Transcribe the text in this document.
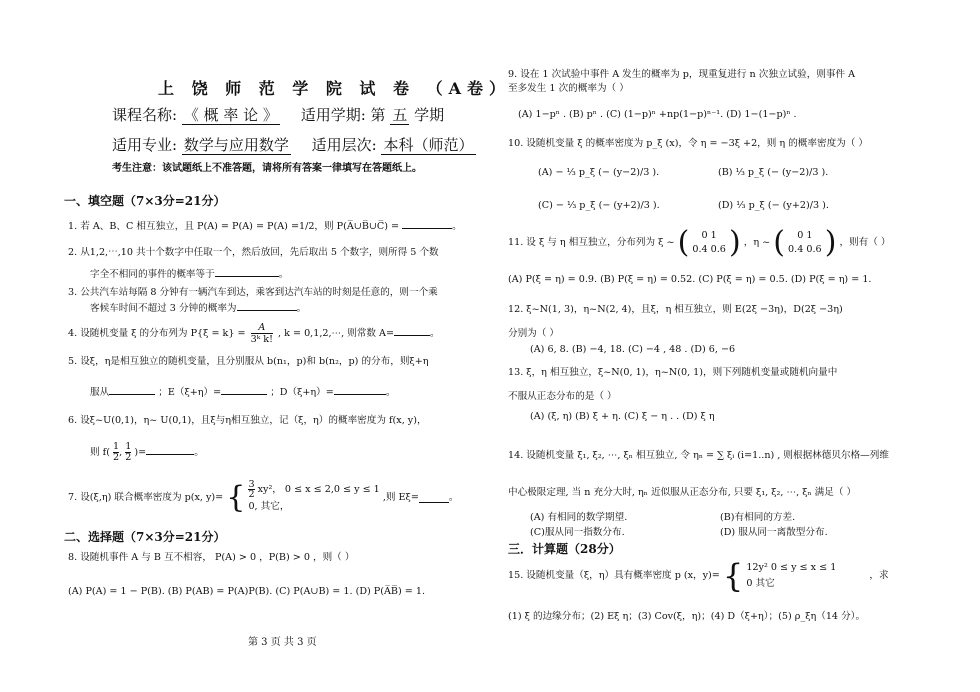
上 饶 师 范 学 院 试 卷 （A卷）
课程名称: 《 概 率 论 》 适用学期: 第 五 学期
适用专业: 数学与应用数学 适用层次: 本科（师范）
考生注意：该试题纸上不准答题，请将所有答案一律填写在答题纸上。
一、填空题（7×3分=21分）
1. 若 A、B、C 相互独立，且 P(A) = P(A) = P(A) =1/2，则 P(A̅∪B̅∪C̅) =	。
2. 从1,2,⋯,10 共十个数字中任取一个，然后放回，先后取出 5 个数字，则所得 5 个数
字全不相同的事件的概率等于	。
3. 公共汽车站每隔 8 分钟有一辆汽车到达，乘客到达汽车站的时刻是任意的，则一个乘
客候车时间不超过 3 分钟的概率为	。
4. 设随机变量 ξ 的分布列为 $P\{\xi = k\} = \frac{A}{\text{3ᵏ k!}}$ , k = 0,1,2,⋯, 则常数 A=	。
5. 设ξ，η是相互独立的随机变量，且分别服从 b(n₁，p)和 b(n₂，p) 的分布，则ξ+η
服从	；E（ξ+η）=	；D（ξ+η）=	。
6. 设ξ~U(0,1)，η~ U(0,1)，且ξ与η相互独立，记（ξ，η）的概率密度为 f(x, y)，
则 $f( \frac{1}{2}$ , $\frac{1}{2}$ )=	。
7. 设(ξ,η) 联合概率密度为 p(x, y)= { $\frac{3}{2} xy^2$， 0 ≤ x ≤ 2,0 ≤ y ≤ 1
0, 其它，
,则 Eξ=	。
二、选择题（7×3分=21分）
8. 设随机事件 A 与 B 互不相容， P(A) > 0 ，P(B) > 0 ，则（ ）
(A) P(A) = 1 − P(B). (B) P(AB) = P(A)P(B). (C) P(A∪B) = 1. (D) P(A̅B̅) = 1.
第 3 页 共 3 页
9. 设在 1 次试验中事件 A 发生的概率为 p，现重复进行 n 次独立试验，则事件 A
至多发生 1 次的概率为（ ）
(A) 1−pⁿ . (B) pⁿ . (C) (1−p)ⁿ +np(1−p)ⁿ⁻¹. (D) 1−(1−p)ⁿ .
10. 设随机变量 ξ 的概率密度为 p_ξ (x)，令 η = −3ξ +2，则 η 的概率密度为（ ）
(A) − ⅓ p_ξ (− (y−2)/3 ).	(B) ⅓ p_ξ (− (y−2)/3 ).
(C) − ⅓ p_ξ (− (y+2)/3 ).	(D) ⅓ p_ξ (− (y+2)/3 ).
11. 设 ξ 与 η 相互独立，分布列为 ξ ~ (	0 1
0.4 0.6 ) ，η ~ (	0 1
0.4 0.6 ) ，则有（ ）
(A) P(ξ = η) = 0.9. (B) P(ξ = η) = 0.52. (C) P(ξ = η) = 0.5. (D) P(ξ = η) = 1.
12. ξ~N(1, 3)，η~N(2, 4)，且ξ，η 相互独立，则 E(2ξ −3η)，D(2ξ −3η)
分别为（ ）
(A) 6, 8. (B) −4, 18. (C) −4 , 48 . (D) 6, −6
13. ξ，η 相互独立，ξ~N(0, 1)，η~N(0, 1)，则下列随机变量或随机向量中
不服从正态分布的是（ ）
(A) (ξ, η) (B) ξ + η. (C) ξ − η . . (D) ξ η
14. 设随机变量 ξ₁, ξ₂, ⋯, ξₙ 相互独立, 令 ηₙ = ∑ ξᵢ (i=1..n) , 则根据林德贝尔格—列维
中心极限定理, 当 n 充分大时, ηₙ 近似服从正态分布, 只要 ξ₁, ξ₂, ⋯, ξₙ 满足（ ）
(A) 有相同的数学期望.	(B)有相同的方差.
(C)服从同一指数分布.	(D) 服从同一离散型分布.
三．计算题（28分）
15. 设随机变量（ξ，η）具有概率密度 p (x，y)= { 12y² 0 ≤ y ≤ x ≤ 1
0 其它
，求
(1) ξ 的边缘分布；(2) Eξ η；(3) Cov(ξ，η)；(4) D（ξ+η）；(5) ρ_ξη（14 分）。
